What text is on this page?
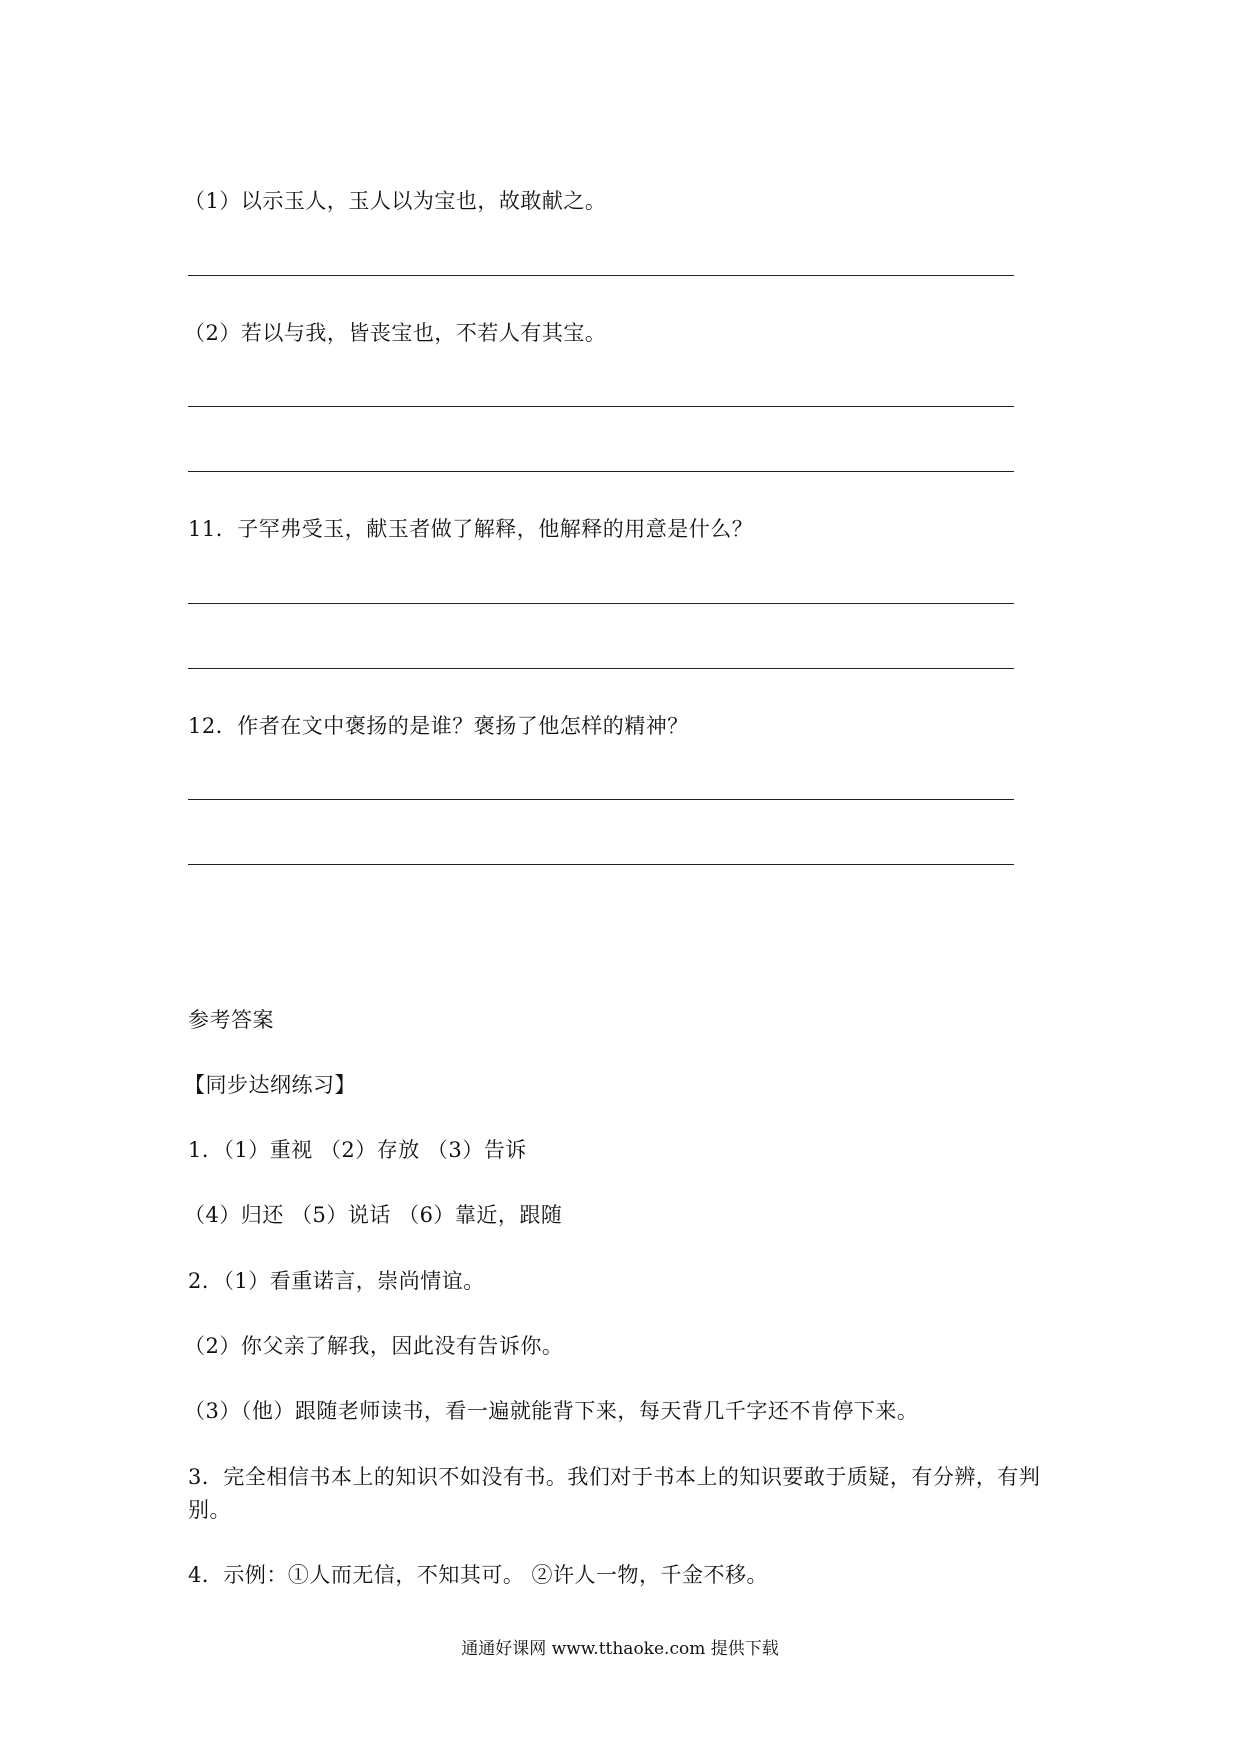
（1）以示玉人，玉人以为宝也，故敢献之。
（2）若以与我，皆丧宝也，不若人有其宝。
11．子罕弗受玉，献玉者做了解释，他解释的用意是什么？
12．作者在文中褒扬的是谁？褒扬了他怎样的精神？
参考答案
【同步达纲练习】
1．（1）重视 （2）存放 （3）告诉
（4）归还 （5）说话 （6）靠近，跟随
2．（1）看重诺言，崇尚情谊。
（2）你父亲了解我，因此没有告诉你。
（3）（他）跟随老师读书，看一遍就能背下来，每天背几千字还不肯停下来。
3．完全相信书本上的知识不如没有书。我们对于书本上的知识要敢于质疑，有分辨，有判别。
4．示例：①人而无信，不知其可。 ②许人一物，千金不移。
通通好课网 www.tthaoke.com 提供下载
